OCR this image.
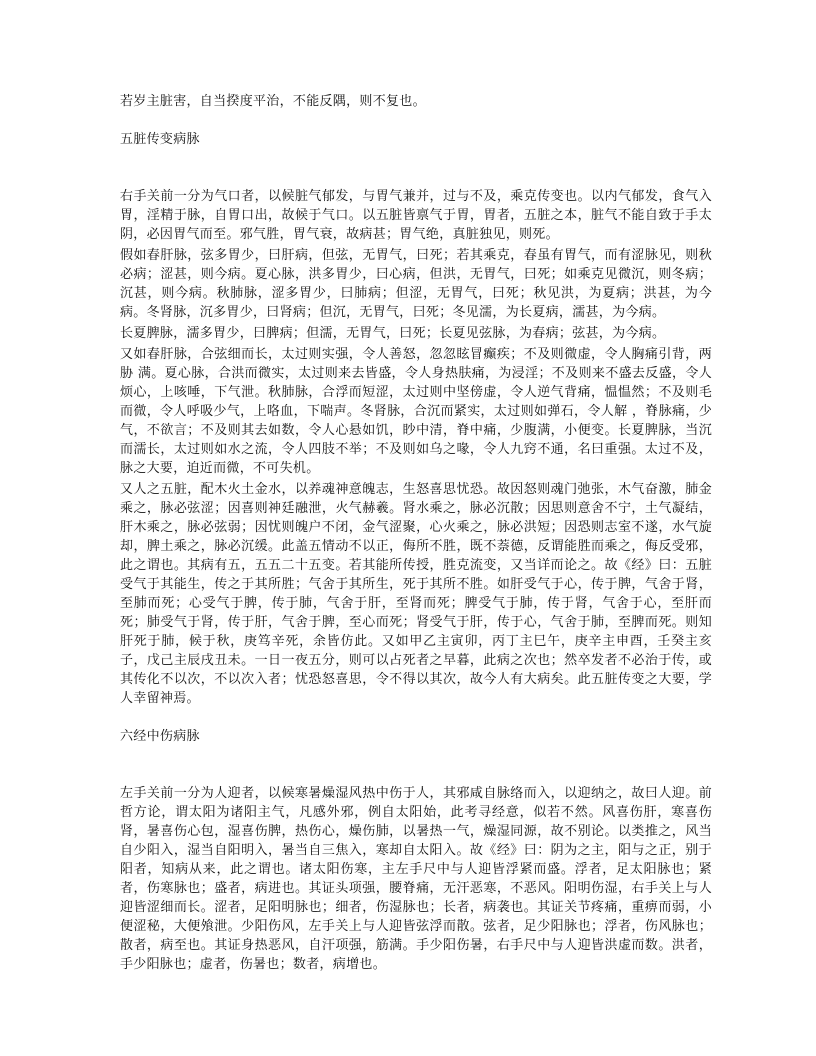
若岁主脏害，自当揆度平治，不能反隅，则不复也。

五脏传变病脉

右手关前一分为气口者，以候脏气郁发，与胃气兼并，过与不及，乘克传变也。以内气郁发，食气入胃，淫精于脉，自胃口出，故候于气口。以五脏皆禀气于胃，胃者，五脏之本，脏气不能自致于手太阴，必因胃气而至。邪气胜，胃气衰，故病甚；胃气绝，真脏独见，则死。

假如春肝脉，弦多胃少，曰肝病，但弦，无胃气，曰死；若其乘克，春虽有胃气，而有涩脉见，则秋必病；涩甚，则今病。夏心脉，洪多胃少，曰心病，但洪，无胃气，曰死；如乘克见微沉，则冬病；沉甚，则今病。秋肺脉，涩多胃少，曰肺病；但涩，无胃气，曰死；秋见洪，为夏病；洪甚，为今病。冬肾脉，沉多胃少，曰肾病；但沉，无胃气，曰死；冬见濡，为长夏病，濡甚，为今病。

长夏脾脉，濡多胃少，曰脾病；但濡，无胃气，曰死；长夏见弦脉，为春病；弦甚，为今病。

又如春肝脉，合弦细而长，太过则实强，令人善怒，忽忽眩冒癫疾；不及则微虚，令人胸痛引背，两胁 满。夏心脉，合洪而微实，太过则来去皆盛，令人身热肤痛，为浸淫；不及则来不盛去反盛，令人烦心，上咳唾，下气泄。秋肺脉，合浮而短涩，太过则中坚傍虚，令人逆气背痛，愠愠然；不及则毛而微，令人呼吸少气，上咯血，下喘声。冬肾脉，合沉而紧实，太过则如弹石，令人解 ，脊脉痛，少气，不欲言；不及则其去如数，令人心悬如饥，眇中清，脊中痛，少腹满，小便变。长夏脾脉，当沉而濡长，太过则如水之流，令人四肢不举；不及则如乌之喙，令人九窍不通，名曰重强。太过不及，脉之大要，迫近而微，不可失机。

又人之五脏，配木火土金水，以养魂神意魄志，生怒喜思忧恐。故因怒则魂门弛张，木气奋激，肺金乘之，脉必弦涩；因喜则神廷融泄，火气赫羲。肾水乘之，脉必沉散；因思则意舍不宁，土气凝结，肝木乘之，脉必弦弱；因忧则魄户不闭，金气涩聚，心火乘之，脉必洪短；因恐则志室不遂，水气旋却，脾土乘之，脉必沉缓。此盖五情动不以正，侮所不胜，既不萘德，反谓能胜而乘之，侮反受邪，此之谓也。其病有五，五五二十五变。若其能所传授，胜克流变，又当详而论之。故《经》曰：五脏受气于其能生，传之于其所胜；气舍于其所生，死于其所不胜。如肝受气于心，传于脾，气舍于肾，至肺而死；心受气于脾，传于肺，气舍于肝，至肾而死；脾受气于肺，传于肾，气舍于心，至肝而死；肺受气于肾，传于肝，气舍于脾，至心而死；肾受气于肝，传于心，气舍于肺，至脾而死。则知肝死于肺，候于秋，庚笃辛死，余皆仿此。又如甲乙主寅卯，丙丁主巳午，庚辛主申酉，壬癸主亥子，戊己主辰戌丑未。一日一夜五分，则可以占死者之早暮，此病之次也；然卒发者不必治于传，或其传化不以次，不以次入者；忧恐怒喜思，令不得以其次，故今人有大病矣。此五脏传变之大要，学人幸留神焉。

六经中伤病脉

左手关前一分为人迎者，以候寒暑燥湿风热中伤于人，其邪咸自脉络而入，以迎纳之，故曰人迎。前哲方论，谓太阳为诸阳主气，凡感外邪，例自太阳始，此考寻经意，似若不然。风喜伤肝，寒喜伤肾，暑喜伤心包，湿喜伤脾，热伤心，燥伤肺，以暑热一气，燥湿同源，故不别论。以类推之，风当自少阳入，湿当自阳明入，暑当自三焦入，寒却自太阳入。故《经》曰：阴为之主，阳与之正，别于阳者，知病从来，此之谓也。诸太阳伤寒，主左手尺中与人迎皆浮紧而盛。浮者，足太阳脉也；紧者，伤寒脉也；盛者，病进也。其证头项强，腰脊痛，无汗恶寒，不恶风。阳明伤湿，右手关上与人迎皆涩细而长。涩者，足阳明脉也；细者，伤湿脉也；长者，病袭也。其证关节疼痛，重痹而弱，小便涩秘，大便飧泄。少阳伤风，左手关上与人迎皆弦浮而散。弦者，足少阳脉也；浮者，伤风脉也；散者，病至也。其证身热恶风，自汗项强，筋满。手少阳伤暑，右手尺中与人迎皆洪虚而数。洪者，手少阳脉也；虚者，伤暑也；数者，病增也。
